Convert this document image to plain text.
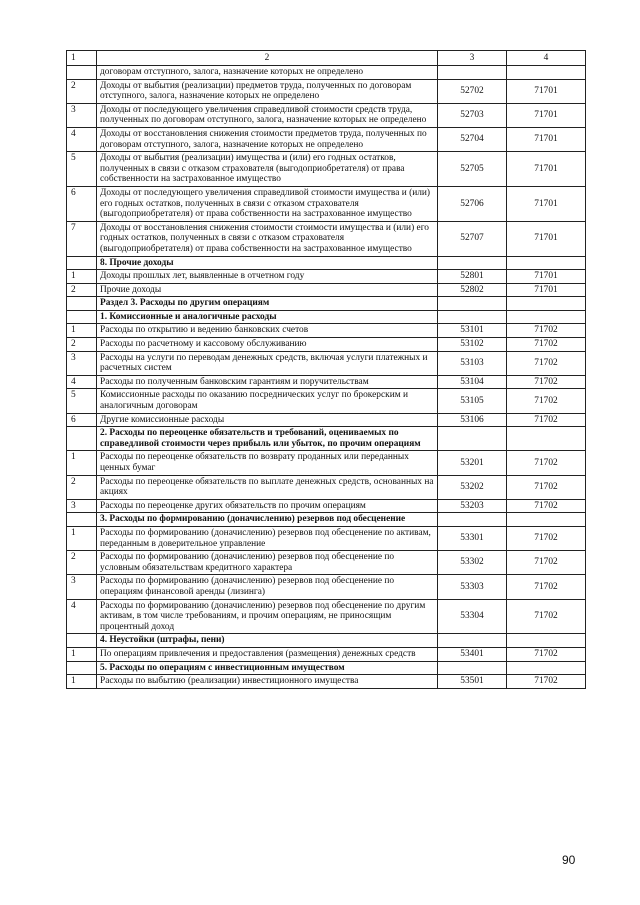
1	2	3	4
	договорам отступного, залога, назначение которых не определено		
2	Доходы от выбытия (реализации) предметов труда, полученных по договорам отступного, залога, назначение которых не определено	52702	71701
3	Доходы от последующего увеличения справедливой стоимости средств труда, полученных по договорам отступного, залога, назначение которых не определено	52703	71701
4	Доходы от восстановления снижения стоимости предметов труда, полученных по договорам отступного, залога, назначение которых не определено	52704	71701
5	Доходы от выбытия (реализации) имущества и (или) его годных остатков, полученных в связи с отказом страхователя (выгодоприобретателя) от права собственности на застрахованное имущество	52705	71701
6	Доходы от последующего увеличения справедливой стоимости имущества и (или) его годных остатков, полученных в связи с отказом страхователя (выгодоприобретателя) от права собственности на застрахованное имущество	52706	71701
7	Доходы от восстановления снижения стоимости стоимости имущества и (или) его годных остатков, полученных в связи с отказом страхователя (выгодоприобретателя) от права собственности на застрахованное имущество	52707	71701
	8. Прочие доходы		
1	Доходы прошлых лет, выявленные в отчетном году	52801	71701
2	Прочие доходы	52802	71701
	Раздел 3. Расходы по другим операциям		
	1. Комиссионные и аналогичные расходы		
1	Расходы по открытию и ведению банковских счетов	53101	71702
2	Расходы по расчетному и кассовому обслуживанию	53102	71702
3	Расходы на услуги по переводам денежных средств, включая услуги платежных и расчетных систем	53103	71702
4	Расходы по полученным банковским гарантиям и поручительствам	53104	71702
5	Комиссионные расходы по оказанию посреднических услуг по брокерским и аналогичным договорам	53105	71702
6	Другие комиссионные расходы	53106	71702
	2. Расходы по переоценке обязательств и требований, оцениваемых по справедливой стоимости через прибыль или убыток, по прочим операциям		
1	Расходы по переоценке обязательств по возврату проданных или переданных ценных бумаг	53201	71702
2	Расходы по переоценке обязательств по выплате денежных средств, основанных на акциях	53202	71702
3	Расходы по переоценке других обязательств по прочим операциям	53203	71702
	3. Расходы по формированию (доначислению) резервов под обесценение		
1	Расходы по формированию (доначислению) резервов под обесценение по активам, переданным в доверительное управление	53301	71702
2	Расходы по формированию (доначислению) резервов под обесценение по условным обязательствам кредитного характера	53302	71702
3	Расходы по формированию (доначислению) резервов под обесценение по операциям финансовой аренды (лизинга)	53303	71702
4	Расходы по формированию (доначислению) резервов под обесценение по другим активам, в том числе требованиям, и прочим операциям, не приносящим процентный доход	53304	71702
	4. Неустойки (штрафы, пени)		
1	По операциям привлечения и предоставления (размещения) денежных средств	53401	71702
	5. Расходы по операциям с инвестиционным имуществом		
1	Расходы по выбытию (реализации) инвестиционного имущества	53501	71702
90
